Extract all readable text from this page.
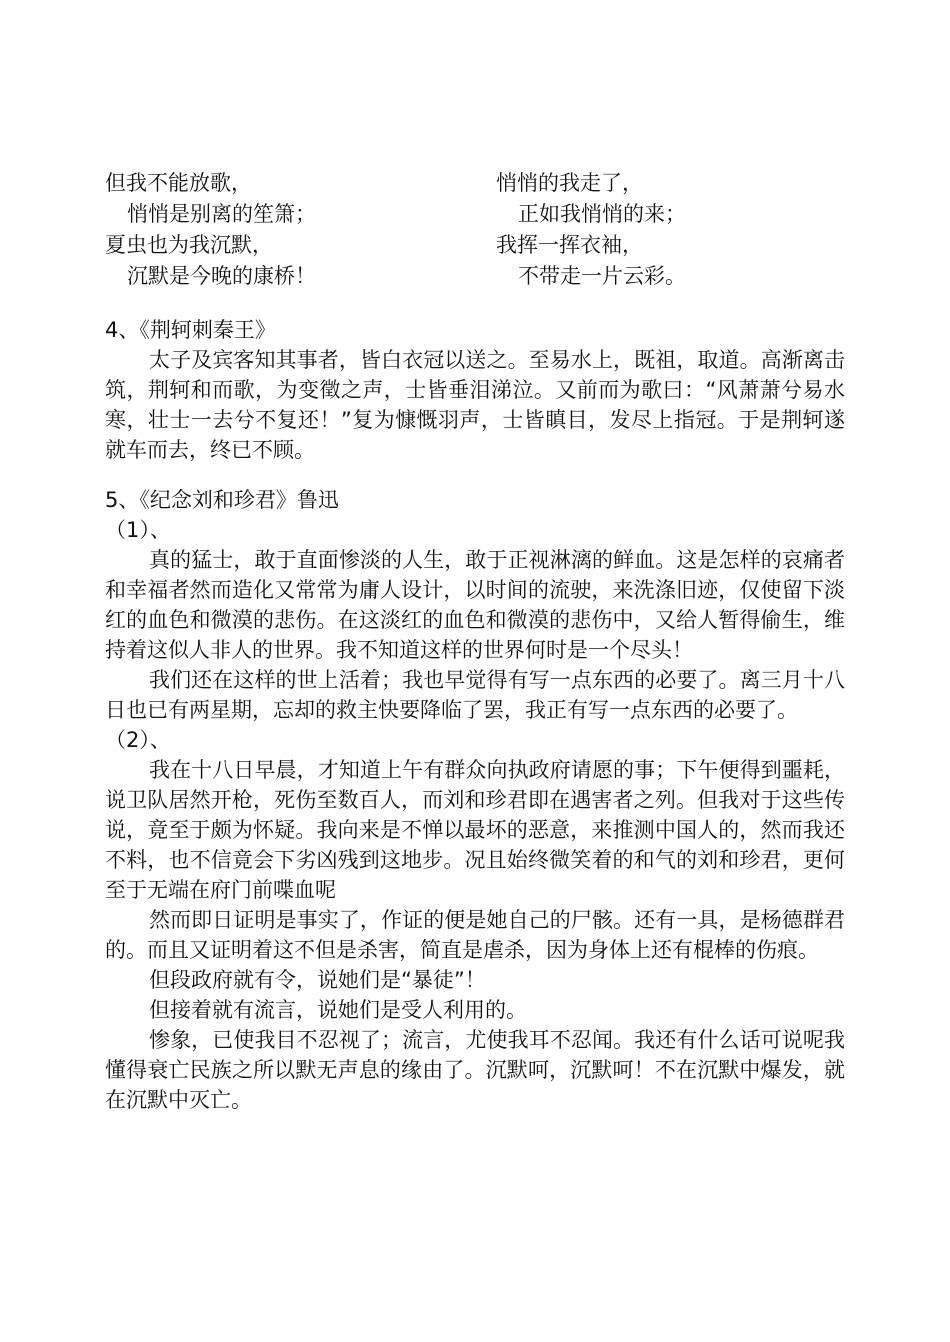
但我不能放歌，
悄悄是别离的笙箫；
夏虫也为我沉默，
沉默是今晚的康桥！
悄悄的我走了，
正如我悄悄的来；
我挥一挥衣袖，
不带走一片云彩。

4、《荆轲刺秦王》

太子及宾客知其事者，皆白衣冠以送之。至易水上，既祖，取道。高渐离击筑，荆轲和而歌，为变徵之声，士皆垂泪涕泣。又前而为歌曰：“风萧萧兮易水寒，壮士一去兮不复还！”复为慷慨羽声，士皆瞋目，发尽上指冠。于是荆轲遂就车而去，终已不顾。

5、《纪念刘和珍君》鲁迅

（1）、

真的猛士，敢于直面惨淡的人生，敢于正视淋漓的鲜血。这是怎样的哀痛者和幸福者然而造化又常常为庸人设计，以时间的流驶，来洗涤旧迹，仅使留下淡红的血色和微漠的悲伤。在这淡红的血色和微漠的悲伤中，又给人暂得偷生，维持着这似人非人的世界。我不知道这样的世界何时是一个尽头！

我们还在这样的世上活着；我也早觉得有写一点东西的必要了。离三月十八日也已有两星期，忘却的救主快要降临了罢，我正有写一点东西的必要了。

（2）、

我在十八日早晨，才知道上午有群众向执政府请愿的事；下午便得到噩耗，说卫队居然开枪，死伤至数百人，而刘和珍君即在遇害者之列。但我对于这些传说，竟至于颇为怀疑。我向来是不惮以最坏的恶意，来推测中国人的，然而我还不料，也不信竟会下劣凶残到这地步。况且始终微笑着的和气的刘和珍君，更何至于无端在府门前喋血呢

然而即日证明是事实了，作证的便是她自己的尸骸。还有一具，是杨德群君的。而且又证明着这不但是杀害，简直是虐杀，因为身体上还有棍棒的伤痕。

但段政府就有令，说她们是“暴徒”！

但接着就有流言，说她们是受人利用的。

惨象，已使我目不忍视了；流言，尤使我耳不忍闻。我还有什么话可说呢我懂得衰亡民族之所以默无声息的缘由了。沉默呵，沉默呵！不在沉默中爆发，就在沉默中灭亡。
